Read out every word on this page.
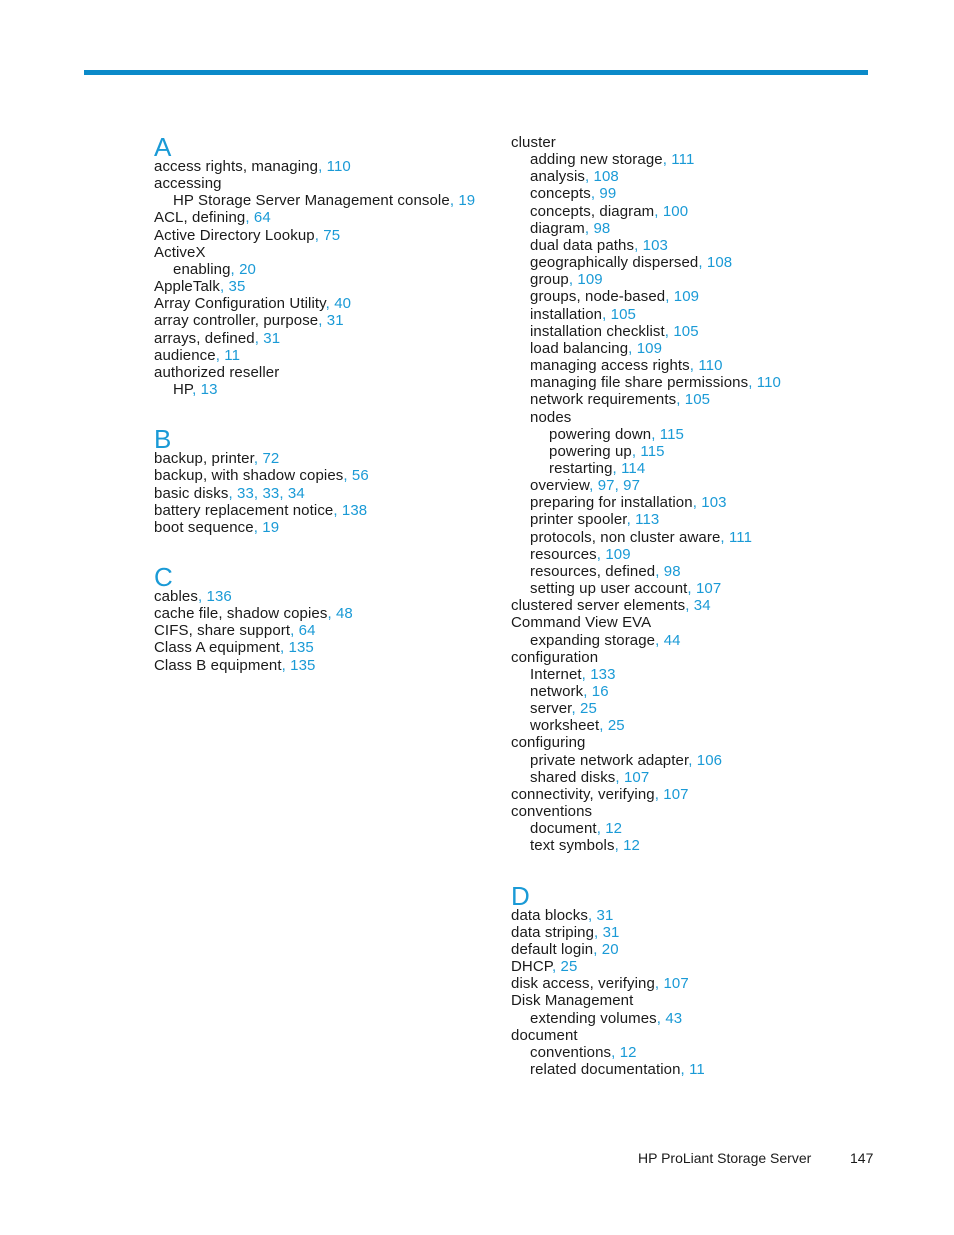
A
access rights, managing, 110
accessing
HP Storage Server Management console, 19
ACL, defining, 64
Active Directory Lookup, 75
ActiveX
enabling, 20
AppleTalk, 35
Array Configuration Utility, 40
array controller, purpose, 31
arrays, defined, 31
audience, 11
authorized reseller
HP, 13
B
backup, printer, 72
backup, with shadow copies, 56
basic disks, 33, 33, 34
battery replacement notice, 138
boot sequence, 19
C
cables, 136
cache file, shadow copies, 48
CIFS, share support, 64
Class A equipment, 135
Class B equipment, 135
cluster
adding new storage, 111
analysis, 108
concepts, 99
concepts, diagram, 100
diagram, 98
dual data paths, 103
geographically dispersed, 108
group, 109
groups, node-based, 109
installation, 105
installation checklist, 105
load balancing, 109
managing access rights, 110
managing file share permissions, 110
network requirements, 105
nodes
powering down, 115
powering up, 115
restarting, 114
overview, 97, 97
preparing for installation, 103
printer spooler, 113
protocols, non cluster aware, 111
resources, 109
resources, defined, 98
setting up user account, 107
clustered server elements, 34
Command View EVA
expanding storage, 44
configuration
Internet, 133
network, 16
server, 25
worksheet, 25
configuring
private network adapter, 106
shared disks, 107
connectivity, verifying, 107
conventions
document, 12
text symbols, 12
D
data blocks, 31
data striping, 31
default login, 20
DHCP, 25
disk access, verifying, 107
Disk Management
extending volumes, 43
document
conventions, 12
related documentation, 11
HP ProLiant Storage Server	147
